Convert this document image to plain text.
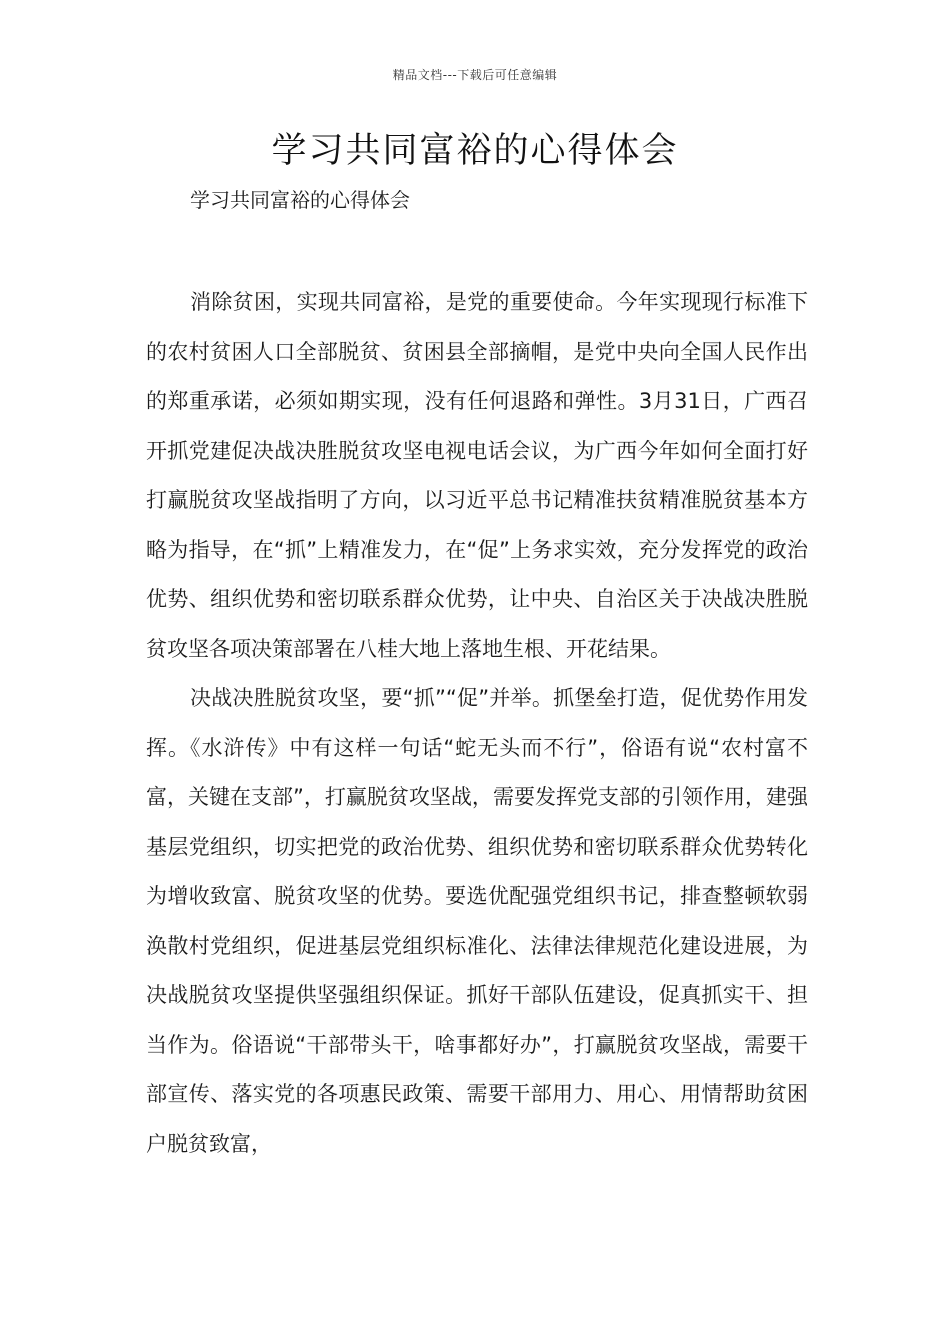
精品文档---下载后可任意编辑
学习共同富裕的心得体会
学习共同富裕的心得体会

消除贫困，实现共同富裕，是党的重要使命。今年实现现行标准下的农村贫困人口全部脱贫、贫困县全部摘帽，是党中央向全国人民作出的郑重承诺，必须如期实现，没有任何退路和弹性。3月31日，广西召开抓党建促决战决胜脱贫攻坚电视电话会议，为广西今年如何全面打好打赢脱贫攻坚战指明了方向，以习近平总书记精准扶贫精准脱贫基本方略为指导，在“抓”上精准发力，在“促”上务求实效，充分发挥党的政治优势、组织优势和密切联系群众优势，让中央、自治区关于决战决胜脱贫攻坚各项决策部署在八桂大地上落地生根、开花结果。

决战决胜脱贫攻坚，要“抓”“促”并举。抓堡垒打造，促优势作用发挥。《水浒传》中有这样一句话“蛇无头而不行”，俗语有说“农村富不富，关键在支部”，打赢脱贫攻坚战，需要发挥党支部的引领作用，建强基层党组织，切实把党的政治优势、组织优势和密切联系群众优势转化为增收致富、脱贫攻坚的优势。要选优配强党组织书记，排查整顿软弱涣散村党组织，促进基层党组织标准化、法律法律规范化建设进展，为决战脱贫攻坚提供坚强组织保证。抓好干部队伍建设，促真抓实干、担当作为。俗语说“干部带头干，啥事都好办”，打赢脱贫攻坚战，需要干部宣传、落实党的各项惠民政策、需要干部用力、用心、用情帮助贫困户脱贫致富，
